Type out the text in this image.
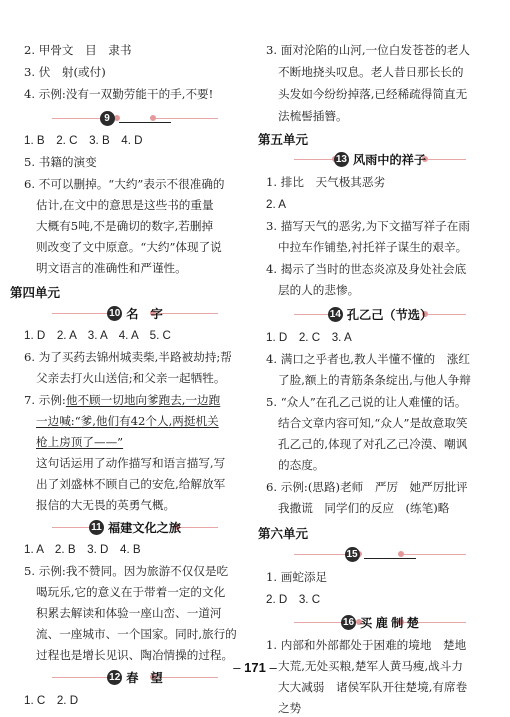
2. 甲骨文　目　隶书
3. 伏　射(或付)
4. 示例:没有一双勤劳能干的手,不要!
9
1. B　2. C　3. B　4. D
5. 书籍的演变
6. 不可以删掉。“大约”表示不很准确的
估计,在文中的意思是这些书的重量
大概有5吨,不是确切的数字,若删掉
则改变了文中原意。“大约”体现了说
明文语言的准确性和严谨性。
第四单元
10 名　字
1. D　2. A　3. A　4. A　5. C
6. 为了买药去锦州城卖柴,半路被劫持;帮
父亲去打火山送信;和父亲一起牺牲。
7. 示例:他不顾一切地向爹跑去,一边跑
一边喊:“爹,他们有42个人,两挺机关
枪上房顶了——”
这句话运用了动作描写和语言描写,写
出了刘盛林不顾自己的安危,给解放军
报信的大无畏的英勇气概。
11 福建文化之旅
1. A　2. B　3. D　4. B
5. 示例:我不赞同。因为旅游不仅仅是吃
喝玩乐,它的意义在于带着一定的文化
积累去解读和体验一座山峦、一道河
流、一座城市、一个国家。同时,旅行的
过程也是增长见识、陶冶情操的过程。
12 春　望
1. C　2. D
3. 面对沦陷的山河,一位白发苍苍的老人
不断地挠头叹息。老人昔日那长长的
头发如今纷纷掉落,已经稀疏得简直无
法梳髻插簪。
第五单元
13 风雨中的祥子
1. 排比　天气极其恶劣
2. A
3. 描写天气的恶劣,为下文描写祥子在雨
中拉车作铺垫,衬托祥子谋生的艰辛。
4. 揭示了当时的世态炎凉及身处社会底
层的人的悲惨。
14 孔乙己（节选）
1. D　2. C　3. A
4. 满口之乎者也,教人半懂不懂的　涨红
了脸,额上的青筋条条绽出,与他人争辩
5. “众人”在孔乙己说的让人难懂的话。
结合文章内容可知,“众人”是故意取笑
孔乙己的,体现了对孔乙己冷漠、嘲讽
的态度。
6. 示例:(思路)老师　严厉　她严厉批评
我撒谎　同学们的反应　(练笔)略
第六单元
15
1. 画蛇添足
2. D　3. C
16 买 鹿 制 楚
1. 内部和外部都处于困难的境地　楚地
大荒,无处买粮,楚军人黄马瘦,战斗力
大大减弱　诸侯军队开往楚境,有席卷
之势
– 171 –
